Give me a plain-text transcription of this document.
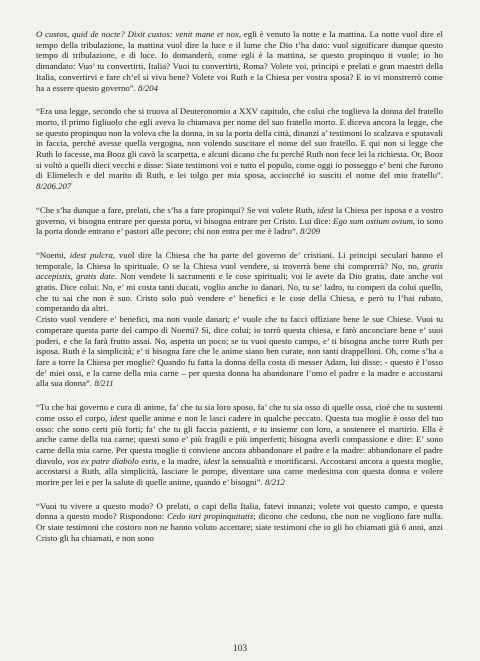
O custos, quid de nocte? Dixit custos: venit mane et nox, egli è venuto la notte e la mattina. La notte vuol dire el tempo della tribulazione, la mattina vuol dire la luce e il lume che Dio t’ha dato: vuol significare dunque questo tempo di tribulazione, e di luce. Io domanderò, come egli è la mattina, se questo propinquo ti vuole; io ho dimandato: Vuo’ tu convertirti, Italia? Vuoi tu convertirti, Roma? Volete voi, principi e prelati e gran maestri della Italia, convertirvi e fare ch’el si viva bene? Volete voi Ruth e la Chiesa per vostra sposa? E io vi monstrerrò come ha a essere questo governo”. 8/204

“Era una legge, secondo che si truova al Deuteronomio a XXV capitulo, che colui che toglieva la donna del fratello morto, il primo figliuolo che egli aveva lo chiamava per nome del suo fratello morto. E diceva ancora la legge, che se questo propinquo non la voleva che la donna, in su la porta della città, dinanzi a’ testimoni lo scalzava e sputavali in faccia, perché avesse quella vergogna, non volendo suscitare el nome del suo fratello. E qui non si legge che Ruth lo facesse, ma Booz gli cavò la scarpetta, e alcuni dicano che fu perché Ruth non fece lei la richiesta. Or, Booz si voltò a quelli dieci vecchi e disse: Siate testimoni voi e tutto el populo, come oggi io posseggo e’ beni che furono di Elimelech e del marito di Ruth, e lei tolgo per mia sposa, acciocché io susciti el nome del mio fratello”. 8/206.207

“Che s’ha dunque a fare, prelati, che s’ha a fare propinqui? Se voi volete Ruth, idest la Chiesa per isposa e a vostro governo, vi bisogna entrare per questa porta, vi bisogna entrare per Cristo. Lui dice: Ego sum ostium ovium, io sono la porta donde entrano e’ pastori alle pecore; chi non entra per me è ladro”. 8/209

“Noemi, idest pulcra, vuol dire la Chiesa che ha parte del governo de’ cristiani. Li principi seculari hanno el temporale, la Chiesa lo spirituale. O se la Chiesa vuol vendere, si troverrà bene chi comprerrà? No, no, gratis accepistis, gratis date. Non vendete li sacramenti e le cose spirituali; voi le avete da Dio gratis, date anche voi gratis. Dice colui: No, e’ mi costa tanti ducati, voglio anche io danari. No, tu se’ ladro, tu comperi da colui quello, che tu sai che non è suo. Cristo solo può vendere e’ benefici e le cose della Chiesa, e però tu l’hai rubato, comperando da altri.
Cristo vuol vendere e’ benefici, ma non vuole danari; e’ vuole che tu facci offiziare bene le sue Chiese. Vuoi tu comperare questa parte del campo di Noemi? Sì, dice colui; io torrò questa chiesa, e farò anconciare bene e’ suoi poderi, e che la farà frutto assai. No, aspetta un poco; se tu vuoi questo campo, e’ ti bisogna anche torre Ruth per isposa. Ruth è la simplicità; e’ ti bisogna fare che le anime siano ben curate, non tanti drappelloni. Oh, come s’ha a fare a torre la Chiesa per moglie? Quando fu fatta la donna della costa di messer Adam, lui disse: - questo è l’osso de’ miei ossi, e la carne della mia carne – per questa donna ha abandonare l’omo el padre e la madre e accostarsi alla sua donna”. 8/211

“Tu che hai governo e cura di anime, fa’ che tu sia loro sposo, fa’ che tu sia osso di quelle ossa, cioè che tu sustenti come osso el corpo, idest quelle anime e non le lasci cadere in qualche peccato. Questa tua moglie è osso del tuo osso: che sono certi più forti; fa’ che tu gli faccia pazienti, e tu insieme con loro, a sostenere el martirio. Ella è anche carne della tua carne; questi sono e’ più fragili e più imperfetti; bisogna averli compassione e dire: E’ sono carne della mia carne. Per questa moglie ti conviene ancora abbandonare el padre e la madre: abbandonare el padre diavolo, vos ex patre diabolo estis, e la madre, idest la sensualità e mortificarsi. Accostarsi ancora a questa moglie, accostarsi a Ruth, alla simplicità, lasciare le pompe, diventare una carne medesima con questa donna e volere morire per lei e per la salute di quelle anime, quando e’ bisogni”. 8/212

“Vuoi tu vivere a questo modo? O prelati, o capi della Italia, fatevi innanzi; volete voi questo campo, e questa donna a questo modo? Rispondono: Cedo iuri propinquitatis; dicono che cedono, che non ne vogliono fare nulla. Or siate testimoni che costoro non ne hanno voluto accettare; siate testimoni che io gli ho chiamati già 6 anni, anzi Cristo gli ha chiamati, e non sono

103
